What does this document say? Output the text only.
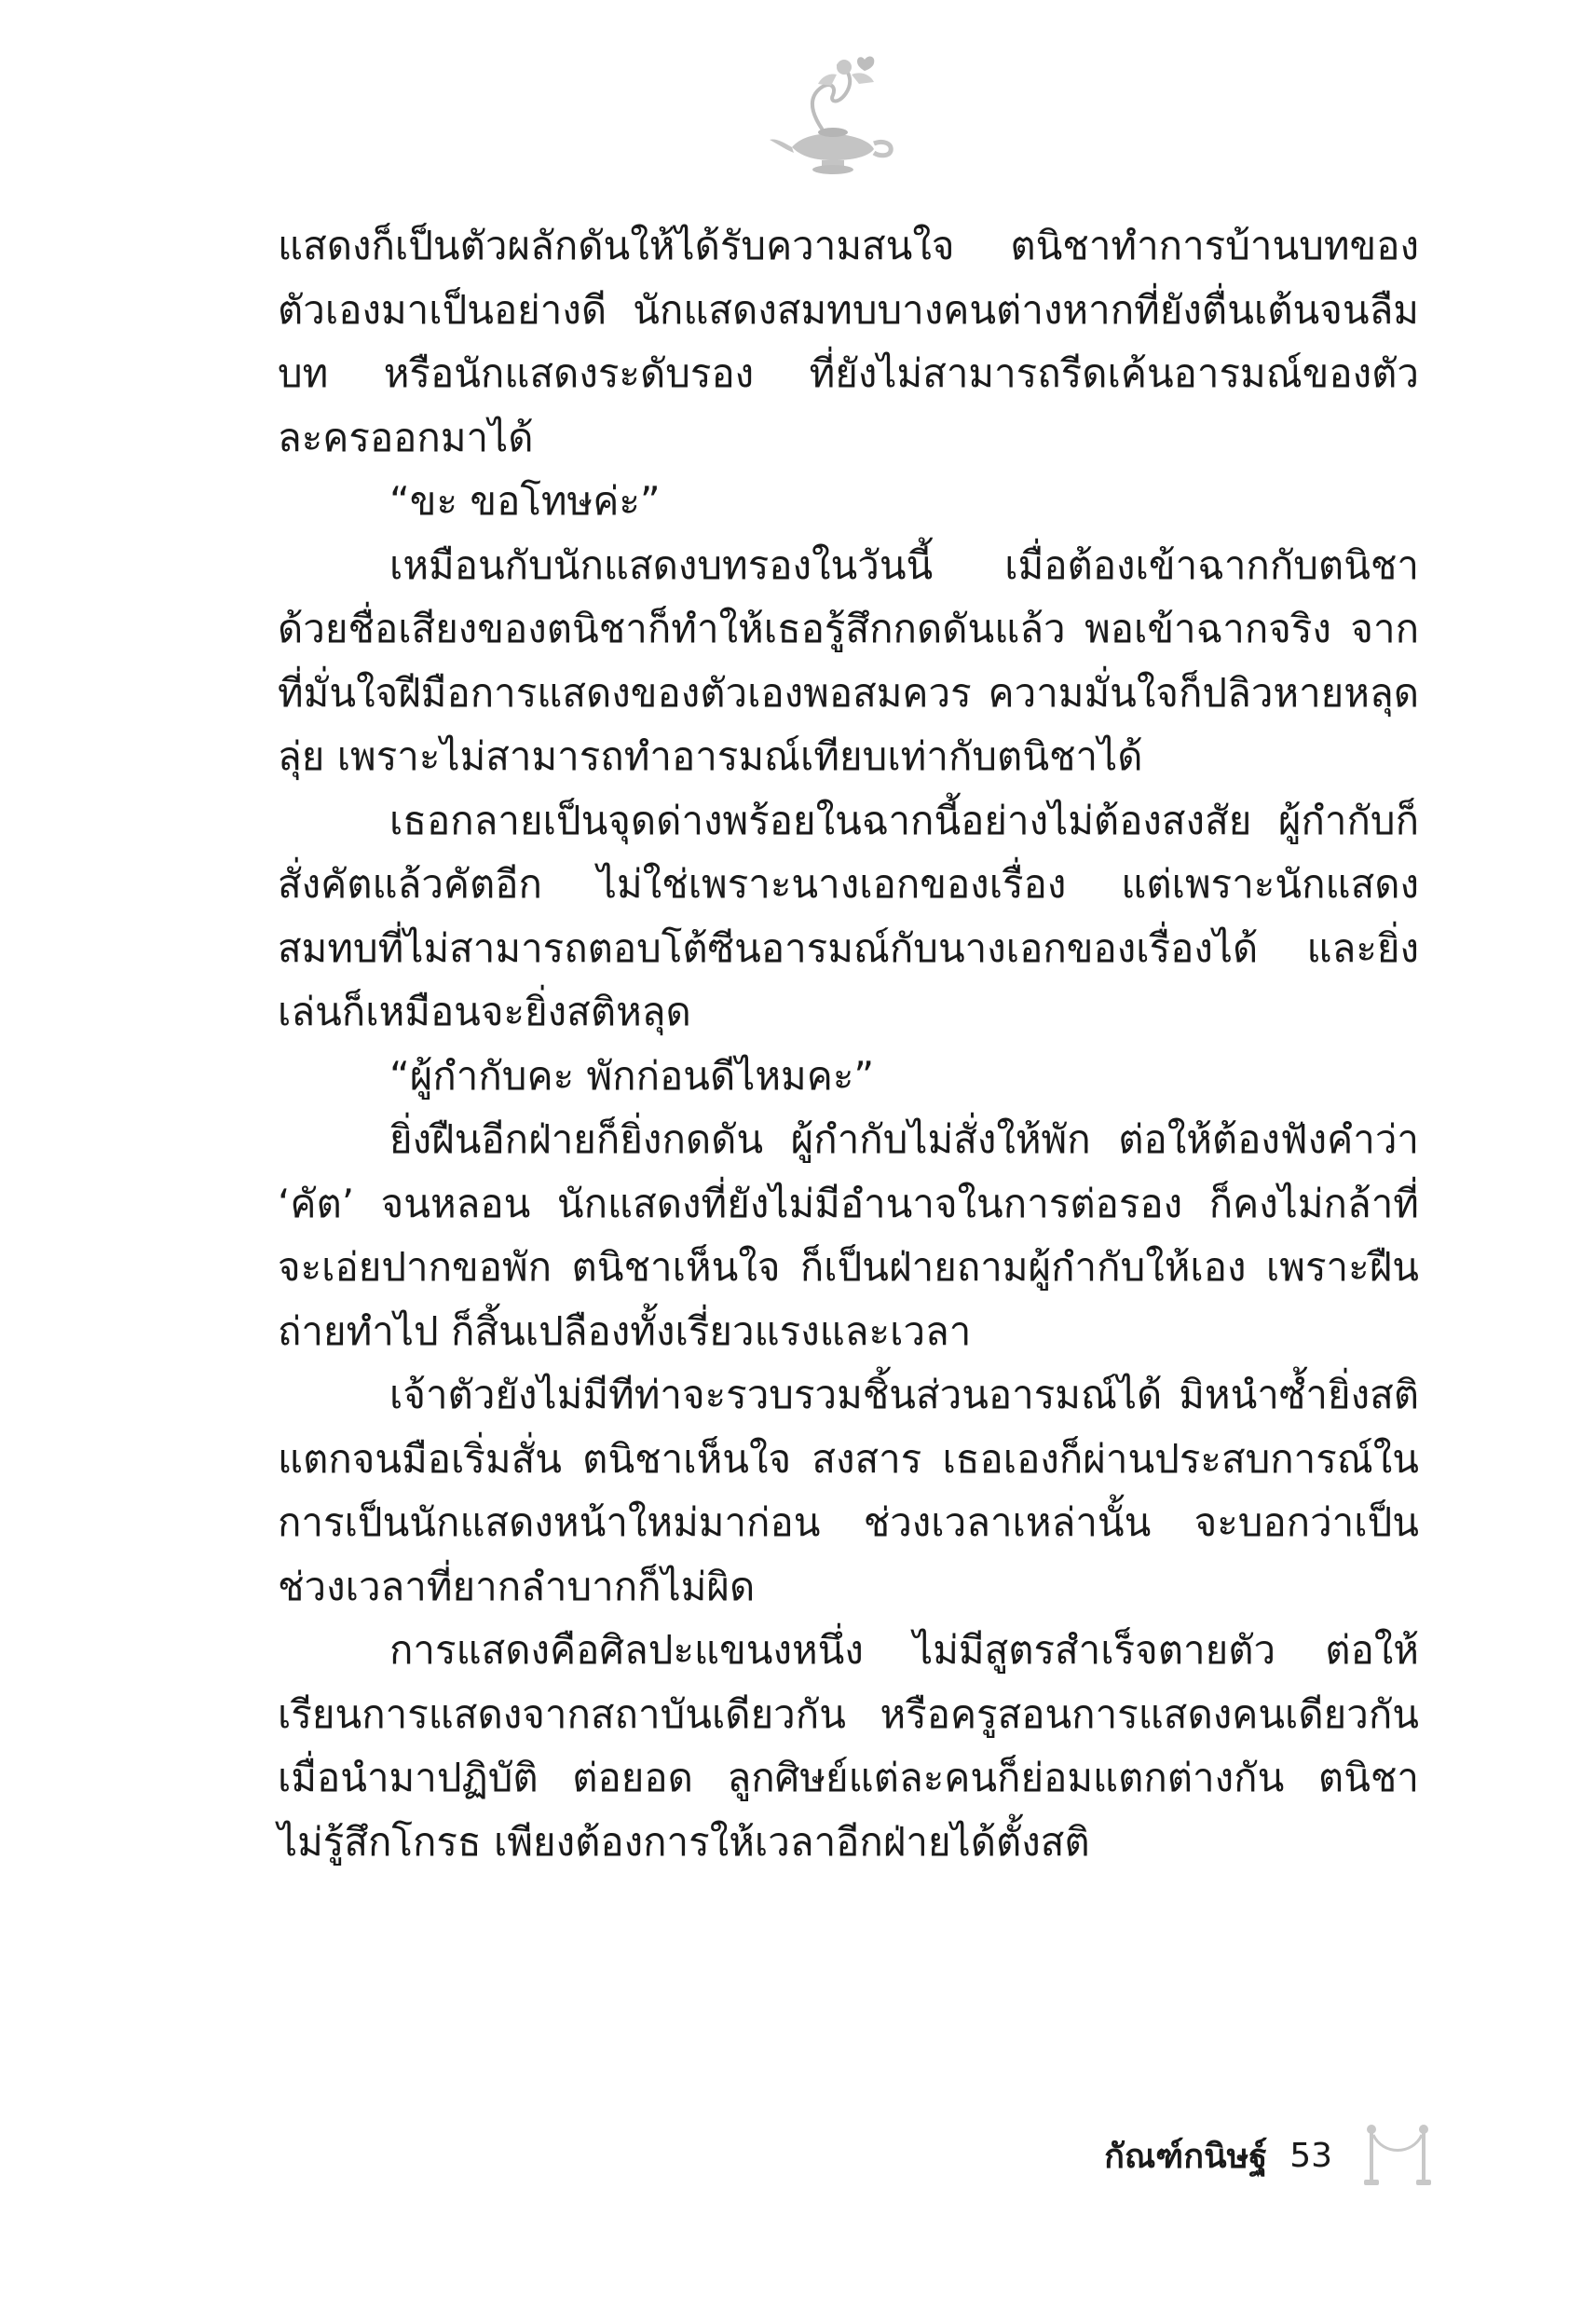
แสดงก็เป็นตัวผลักดันให้ได้รับความสนใจ ตนิชาทำการบ้านบทของตัวเองมาเป็นอย่างดี นักแสดงสมทบบางคนต่างหากที่ยังตื่นเต้นจนลืมบท หรือนักแสดงระดับรอง ที่ยังไม่สามารถรีดเค้นอารมณ์ของตัวละครออกมาได้

“ขะ ขอโทษค่ะ”

เหมือนกับนักแสดงบทรองในวันนี้ เมื่อต้องเข้าฉากกับตนิชา ด้วยชื่อเสียงของตนิชาก็ทำให้เธอรู้สึกกดดันแล้ว พอเข้าฉากจริง จากที่มั่นใจฝีมือการแสดงของตัวเองพอสมควร ความมั่นใจก็ปลิวหายหลุดลุ่ย เพราะไม่สามารถทำอารมณ์เทียบเท่ากับตนิชาได้

เธอกลายเป็นจุดด่างพร้อยในฉากนี้อย่างไม่ต้องสงสัย ผู้กำกับก็สั่งคัตแล้วคัตอีก ไม่ใช่เพราะนางเอกของเรื่อง แต่เพราะนักแสดงสมทบที่ไม่สามารถตอบโต้ซีนอารมณ์กับนางเอกของเรื่องได้ และยิ่งเล่นก็เหมือนจะยิ่งสติหลุด

“ผู้กำกับคะ พักก่อนดีไหมคะ”

ยิ่งฝืนอีกฝ่ายก็ยิ่งกดดัน ผู้กำกับไม่สั่งให้พัก ต่อให้ต้องฟังคำว่า ‘คัต’ จนหลอน นักแสดงที่ยังไม่มีอำนาจในการต่อรอง ก็คงไม่กล้าที่จะเอ่ยปากขอพัก ตนิชาเห็นใจ ก็เป็นฝ่ายถามผู้กำกับให้เอง เพราะฝืนถ่ายทำไป ก็สิ้นเปลืองทั้งเรี่ยวแรงและเวลา

เจ้าตัวยังไม่มีทีท่าจะรวบรวมชิ้นส่วนอารมณ์ได้ มิหนำซ้ำยิ่งสติแตกจนมือเริ่มสั่น ตนิชาเห็นใจ สงสาร เธอเองก็ผ่านประสบการณ์ในการเป็นนักแสดงหน้าใหม่มาก่อน ช่วงเวลาเหล่านั้น จะบอกว่าเป็นช่วงเวลาที่ยากลำบากก็ไม่ผิด

การแสดงคือศิลปะแขนงหนึ่ง ไม่มีสูตรสำเร็จตายตัว ต่อให้เรียนการแสดงจากสถาบันเดียวกัน หรือครูสอนการแสดงคนเดียวกัน เมื่อนำมาปฏิบัติ ต่อยอด ลูกศิษย์แต่ละคนก็ย่อมแตกต่างกัน ตนิชาไม่รู้สึกโกรธ เพียงต้องการให้เวลาอีกฝ่ายได้ตั้งสติ

กัณฑ์กนิษฐ์ 53
